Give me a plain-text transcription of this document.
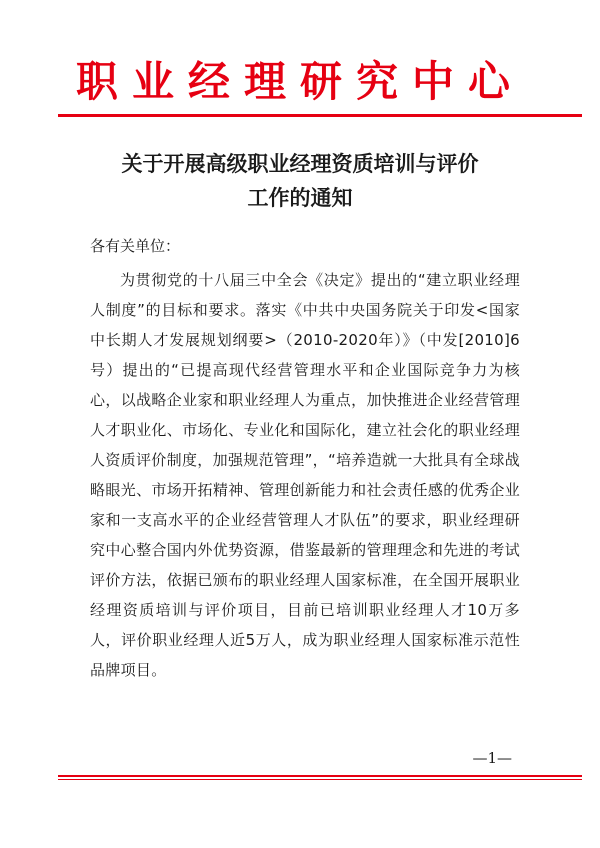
职业经理研究中心
关于开展高级职业经理资质培训与评价
工作的通知
各有关单位：
为贯彻党的十八届三中全会《决定》提出的“建立职业经理人制度”的目标和要求。落实《中共中央国务院关于印发<国家中长期人才发展规划纲要>（2010-2020年）》（中发[2010]6号）提出的“已提高现代经营管理水平和企业国际竞争力为核心，以战略企业家和职业经理人为重点，加快推进企业经营管理人才职业化、市场化、专业化和国际化，建立社会化的职业经理人资质评价制度，加强规范管理”，“培养造就一大批具有全球战略眼光、市场开拓精神、管理创新能力和社会责任感的优秀企业家和一支高水平的企业经营管理人才队伍”的要求，职业经理研究中心整合国内外优势资源，借鉴最新的管理理念和先进的考试评价方法，依据已颁布的职业经理人国家标准，在全国开展职业经理资质培训与评价项目，目前已培训职业经理人才10万多人，评价职业经理人近5万人，成为职业经理人国家标准示范性品牌项目。
—1—
